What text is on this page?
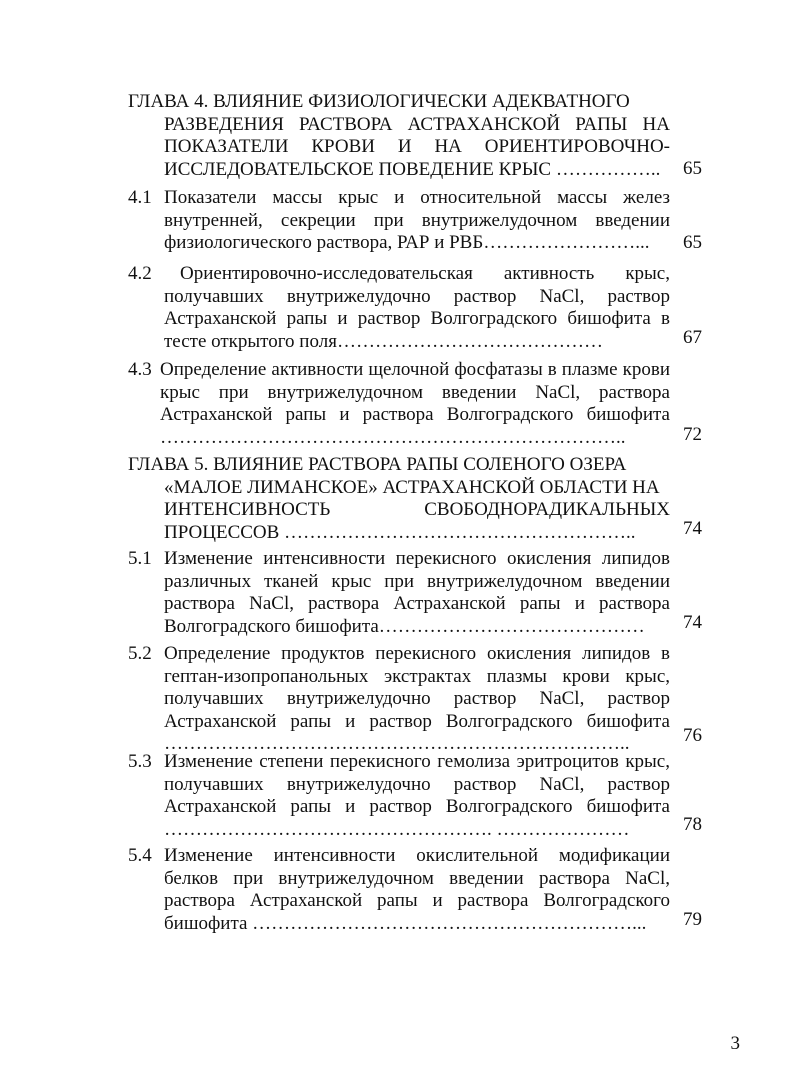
ГЛАВА 4. ВЛИЯНИЕ ФИЗИОЛОГИЧЕСКИ АДЕКВАТНОГО
РАЗВЕДЕНИЯ РАСТВОРА АСТРАХАНСКОЙ РАПЫ НА
ПОКАЗАТЕЛИ КРОВИ И НА ОРИЕНТИРОВОЧНО-
ИССЛЕДОВАТЕЛЬСКОЕ ПОВЕДЕНИЕ КРЫС ……………..	65
4.1 Показатели массы крыс и относительной массы желез
внутренней, секреции при внутрижелудочном введении
физиологического раствора, РАР и РВБ……………………...	65
4.2 Ориентировочно-исследовательская активность крыс,
получавших внутрижелудочно раствор NaCl, раствор
Астраханской рапы и раствор Волгоградского бишофита в
тесте открытого поля……………………………………	67
4.3 Определение активности щелочной фосфатазы в плазме крови
крыс при внутрижелудочном введении NaCl, раствора
Астраханской рапы и раствора Волгоградского бишофита
………………………………………………………………..	72
ГЛАВА 5. ВЛИЯНИЕ РАСТВОРА РАПЫ СОЛЕНОГО ОЗЕРА
«МАЛОЕ ЛИМАНСКОЕ» АСТРАХАНСКОЙ ОБЛАСТИ НА
ИНТЕНСИВНОСТЬ СВОБОДНОРАДИКАЛЬНЫХ
ПРОЦЕССОВ ………………………………………………..	74
5.1 Изменение интенсивности перекисного окисления липидов
различных тканей крыс при внутрижелудочном введении
раствора NaCl, раствора Астраханской рапы и раствора
Волгоградского бишофита……………………………………	74
5.2 Определение продуктов перекисного окисления липидов в
гептан-изопропанольных экстрактах плазмы крови крыс,
получавших внутрижелудочно раствор NaCl, раствор
Астраханской рапы и раствор Волгоградского бишофита
………………………………………………………………..	76
5.3 Изменение степени перекисного гемолиза эритроцитов крыс,
получавших внутрижелудочно раствор NaCl, раствор
Астраханской рапы и раствор Волгоградского бишофита
……………………………………………. …………………	78
5.4 Изменение интенсивности окислительной модификации
белков при внутрижелудочном введении раствора NaCl,
раствора Астраханской рапы и раствора Волгоградского
бишофита ……………………………………………………...	79
3
